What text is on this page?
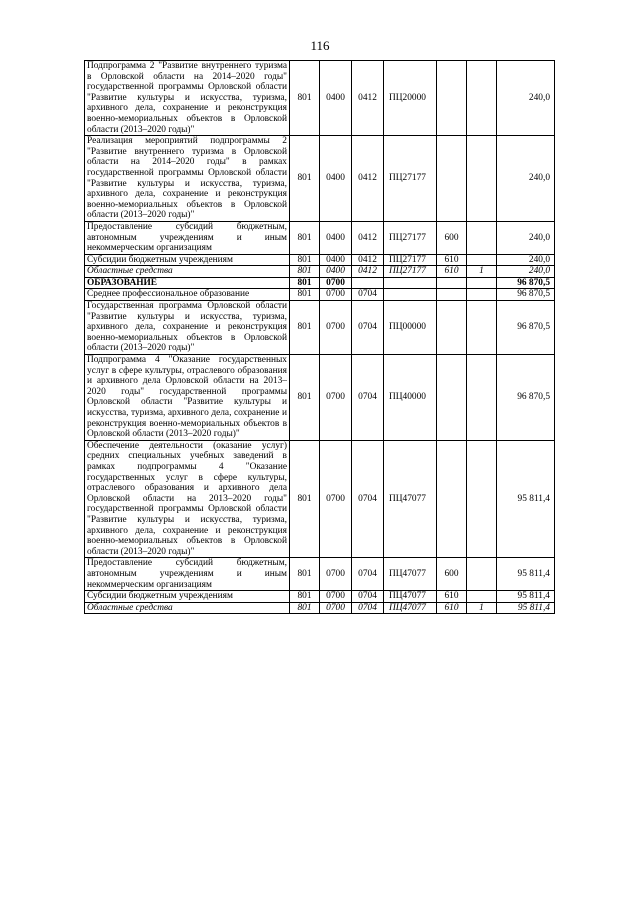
116
Подпрограмма 2 "Развитие внутреннего туризма в Орловской области на 2014–2020 годы" государственной программы Орловской области "Развитие культуры и искусства, туризма, архивного дела, сохранение и реконструкция военно-мемориальных объектов в Орловской области (2013–2020 годы)"	801	0400	0412	ПЦ20000			240,0
Реализация мероприятий подпрограммы 2 "Развитие внутреннего туризма в Орловской области на 2014–2020 годы" в рамках государственной программы Орловской области "Развитие культуры и искусства, туризма, архивного дела, сохранение и реконструкция военно-мемориальных объектов в Орловской области (2013–2020 годы)"	801	0400	0412	ПЦ27177			240,0
Предоставление субсидий бюджетным, автономным учреждениям и иным некоммерческим организациям	801	0400	0412	ПЦ27177	600		240,0
Субсидии бюджетным учреждениям	801	0400	0412	ПЦ27177	610		240,0
Областные средства	801	0400	0412	ПЦ27177	610	1	240,0
ОБРАЗОВАНИЕ	801	0700					96 870,5
Среднее профессиональное образование	801	0700	0704				96 870,5
Государственная программа Орловской области "Развитие культуры и искусства, туризма, архивного дела, сохранение и реконструкция военно-мемориальных объектов в Орловской области (2013–2020 годы)"	801	0700	0704	ПЦ00000			96 870,5
Подпрограмма 4 "Оказание государственных услуг в сфере культуры, отраслевого образования и архивного дела Орловской области на 2013–2020 годы" государственной программы Орловской области "Развитие культуры и искусства, туризма, архивного дела, сохранение и реконструкция военно-мемориальных объектов в Орловской области (2013–2020 годы)"	801	0700	0704	ПЦ40000			96 870,5
Обеспечение деятельности (оказание услуг) средних специальных учебных заведений в рамках подпрограммы 4 "Оказание государственных услуг в сфере культуры, отраслевого образования и архивного дела Орловской области на 2013–2020 годы" государственной программы Орловской области "Развитие культуры и искусства, туризма, архивного дела, сохранение и реконструкция военно-мемориальных объектов в Орловской области (2013–2020 годы)"	801	0700	0704	ПЦ47077			95 811,4
Предоставление субсидий бюджетным, автономным учреждениям и иным некоммерческим организациям	801	0700	0704	ПЦ47077	600		95 811,4
Субсидии бюджетным учреждениям	801	0700	0704	ПЦ47077	610		95 811,4
Областные средства	801	0700	0704	ПЦ47077	610	1	95 811,4
